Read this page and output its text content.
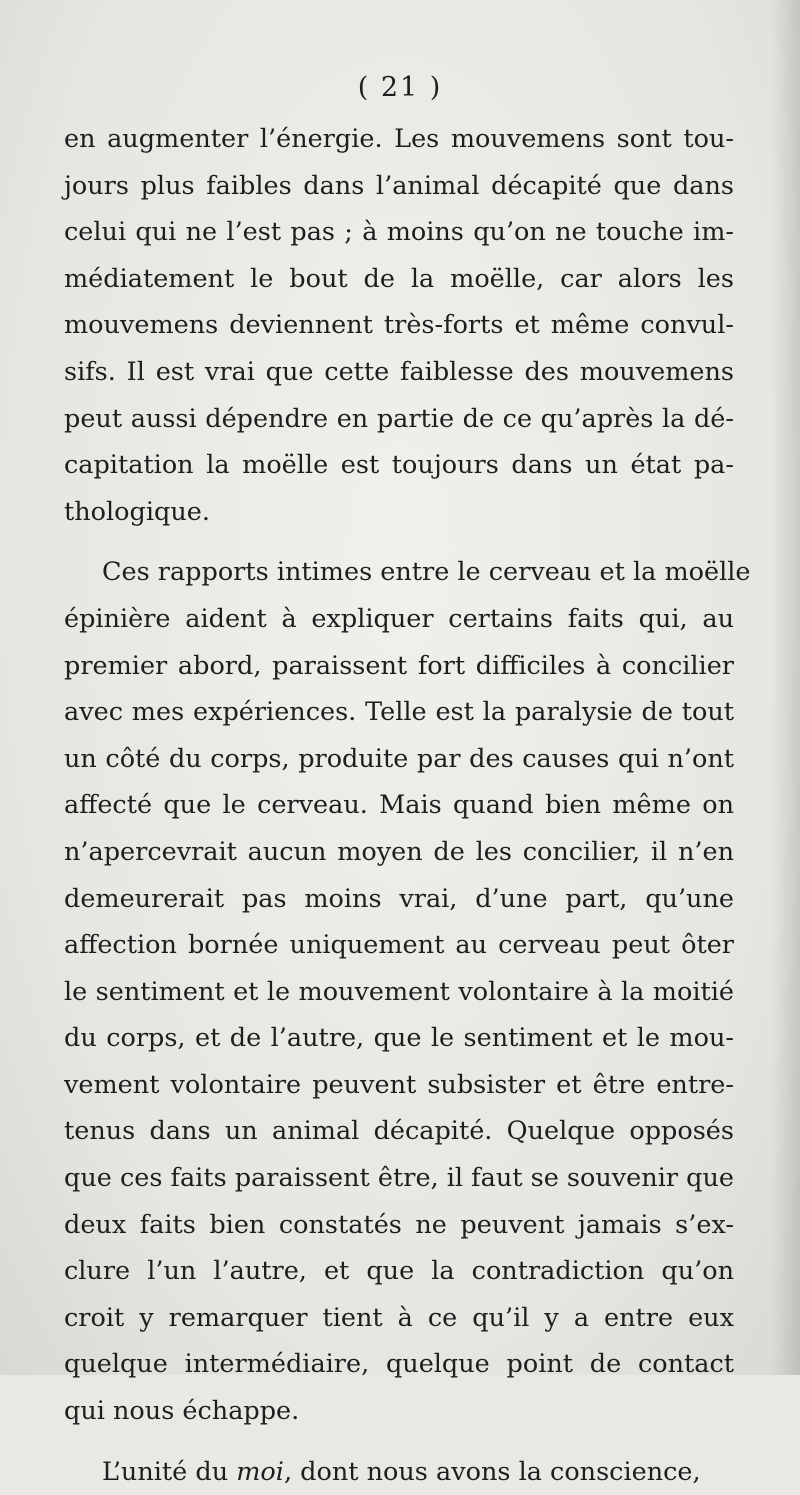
( 21 )
en augmenter l’énergie. Les mouvemens sont tou-
jours plus faibles dans l’animal décapité que dans
celui qui ne l’est pas ; à moins qu’on ne touche im-
médiatement le bout de la moëlle, car alors les
mouvemens deviennent très-forts et même convul-
sifs. Il est vrai que cette faiblesse des mouvemens
peut aussi dépendre en partie de ce qu’après la dé-
capitation la moëlle est toujours dans un état pa-
thologique.
Ces rapports intimes entre le cerveau et la moëlle
épinière aident à expliquer certains faits qui, au
premier abord, paraissent fort difficiles à concilier
avec mes expériences. Telle est la paralysie de tout
un côté du corps, produite par des causes qui n’ont
affecté que le cerveau. Mais quand bien même on
n’apercevrait aucun moyen de les concilier, il n’en
demeurerait pas moins vrai, d’une part, qu’une
affection bornée uniquement au cerveau peut ôter
le sentiment et le mouvement volontaire à la moitié
du corps, et de l’autre, que le sentiment et le mou-
vement volontaire peuvent subsister et être entre-
tenus dans un animal décapité. Quelque opposés
que ces faits paraissent être, il faut se souvenir que
deux faits bien constatés ne peuvent jamais s’ex-
clure l’un l’autre, et que la contradiction qu’on
croit y remarquer tient à ce qu’il y a entre eux
quelque intermédiaire, quelque point de contact
qui nous échappe.
L’unité du moi, dont nous avons la conscience,
